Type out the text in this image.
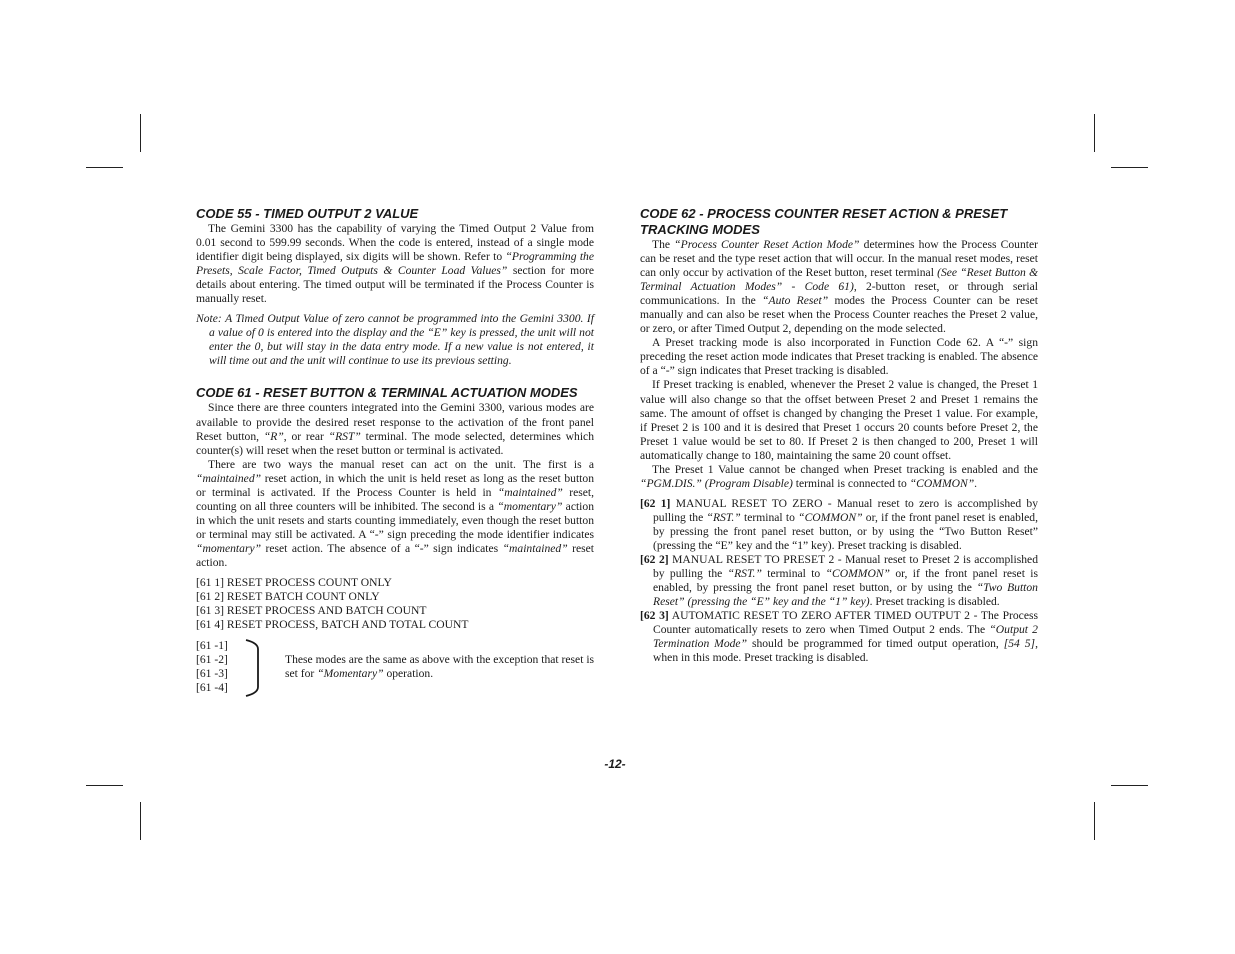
CODE 55 - TIMED OUTPUT 2 VALUE

The Gemini 3300 has the capability of varying the Timed Output 2 Value from 0.01 second to 599.99 seconds. When the code is entered, instead of a single mode identifier digit being displayed, six digits will be shown. Refer to “Programming the Presets, Scale Factor, Timed Outputs & Counter Load Values” section for more details about entering. The timed output will be terminated if the Process Counter is manually reset.

Note: A Timed Output Value of zero cannot be programmed into the Gemini 3300. If a value of 0 is entered into the display and the “E” key is pressed, the unit will not enter the 0, but will stay in the data entry mode. If a new value is not entered, it will time out and the unit will continue to use its previous setting.

CODE 61 - RESET BUTTON & TERMINAL ACTUATION MODES

Since there are three counters integrated into the Gemini 3300, various modes are available to provide the desired reset response to the activation of the front panel Reset button, “R”, or rear “RST” terminal. The mode selected, determines which counter(s) will reset when the reset button or terminal is activated.

There are two ways the manual reset can act on the unit. The first is a “maintained” reset action, in which the unit is held reset as long as the reset button or terminal is activated. If the Process Counter is held in “maintained” reset, counting on all three counters will be inhibited. The second is a “momentary” action in which the unit resets and starts counting immediately, even though the reset button or terminal may still be activated. A “-” sign preceding the mode identifier indicates “momentary” reset action. The absence of a “-” sign indicates “maintained” reset action.

[61 1] RESET PROCESS COUNT ONLY
[61 2] RESET BATCH COUNT ONLY
[61 3] RESET PROCESS AND BATCH COUNT
[61 4] RESET PROCESS, BATCH AND TOTAL COUNT
[61 -1]
[61 -2]
[61 -3]
[61 -4]
These modes are the same as above with the exception that reset is set for “Momentary” operation.
CODE 62 - PROCESS COUNTER RESET ACTION & PRESET TRACKING MODES

The “Process Counter Reset Action Mode” determines how the Process Counter can be reset and the type reset action that will occur. In the manual reset modes, reset can only occur by activation of the Reset button, reset terminal (See “Reset Button & Terminal Actuation Modes” - Code 61), 2-button reset, or through serial communications. In the “Auto Reset” modes the Process Counter can be reset manually and can also be reset when the Process Counter reaches the Preset 2 value, or zero, or after Timed Output 2, depending on the mode selected.

A Preset tracking mode is also incorporated in Function Code 62. A “-” sign preceding the reset action mode indicates that Preset tracking is enabled. The absence of a “-” sign indicates that Preset tracking is disabled.

If Preset tracking is enabled, whenever the Preset 2 value is changed, the Preset 1 value will also change so that the offset between Preset 2 and Preset 1 remains the same. The amount of offset is changed by changing the Preset 1 value. For example, if Preset 2 is 100 and it is desired that Preset 1 occurs 20 counts before Preset 2, the Preset 1 value would be set to 80. If Preset 2 is then changed to 200, Preset 1 will automatically change to 180, maintaining the same 20 count offset.

The Preset 1 Value cannot be changed when Preset tracking is enabled and the “PGM.DIS.” (Program Disable) terminal is connected to “COMMON”.

[62 1] MANUAL RESET TO ZERO - Manual reset to zero is accomplished by pulling the “RST.” terminal to “COMMON” or, if the front panel reset is enabled, by pressing the front panel reset button, or by using the “Two Button Reset” (pressing the “E” key and the “1” key). Preset tracking is disabled.

[62 2] MANUAL RESET TO PRESET 2 - Manual reset to Preset 2 is accomplished by pulling the “RST.” terminal to “COMMON” or, if the front panel reset is enabled, by pressing the front panel reset button, or by using the “Two Button Reset” (pressing the “E” key and the “1” key). Preset tracking is disabled.

[62 3] AUTOMATIC RESET TO ZERO AFTER TIMED OUTPUT 2 - The Process Counter automatically resets to zero when Timed Output 2 ends. The “Output 2 Termination Mode” should be programmed for timed output operation, [54 5], when in this mode. Preset tracking is disabled.

-12-
